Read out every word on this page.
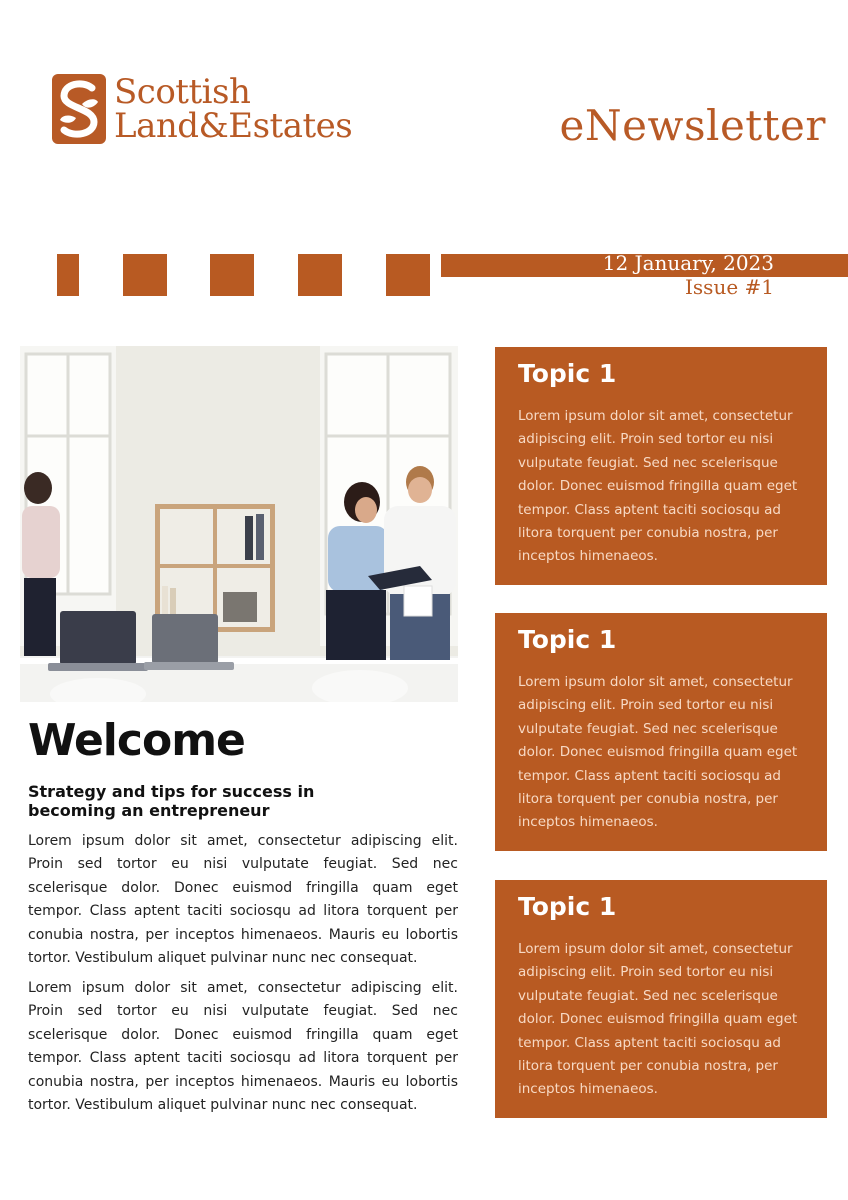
Scottish
Land&Estates	eNewsletter
12 January, 2023
Issue #1
Welcome
Strategy and tips for success in becoming an entrepreneur

Lorem ipsum dolor sit amet, consectetur adipiscing elit. Proin sed tortor eu nisi vulputate feugiat. Sed nec scelerisque dolor. Donec euismod fringilla quam eget tempor. Class aptent taciti sociosqu ad litora torquent per conubia nostra, per inceptos himenaeos. Mauris eu lobortis tortor. Vestibulum aliquet pulvinar nunc nec consequat.

Lorem ipsum dolor sit amet, consectetur adipiscing elit. Proin sed tortor eu nisi vulputate feugiat. Sed nec scelerisque dolor. Donec euismod fringilla quam eget tempor. Class aptent taciti sociosqu ad litora torquent per conubia nostra, per inceptos himenaeos. Mauris eu lobortis tortor. Vestibulum aliquet pulvinar nunc nec consequat.

Topic 1

Lorem ipsum dolor sit amet, consectetur adipiscing elit. Proin sed tortor eu nisi vulputate feugiat. Sed nec scelerisque dolor. Donec euismod fringilla quam eget tempor. Class aptent taciti sociosqu ad litora torquent per conubia nostra, per inceptos himenaeos.

Topic 1

Lorem ipsum dolor sit amet, consectetur adipiscing elit. Proin sed tortor eu nisi vulputate feugiat. Sed nec scelerisque dolor. Donec euismod fringilla quam eget tempor. Class aptent taciti sociosqu ad litora torquent per conubia nostra, per inceptos himenaeos.

Topic 1

Lorem ipsum dolor sit amet, consectetur adipiscing elit. Proin sed tortor eu nisi vulputate feugiat. Sed nec scelerisque dolor. Donec euismod fringilla quam eget tempor. Class aptent taciti sociosqu ad litora torquent per conubia nostra, per inceptos himenaeos.
